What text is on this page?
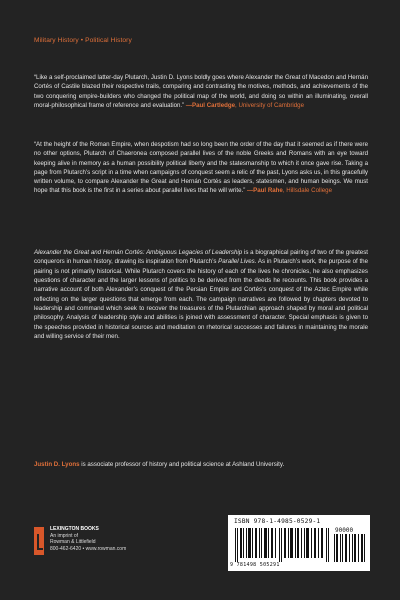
Military History • Political History
“Like a self-proclaimed latter-day Plutarch, Justin D. Lyons boldly goes where Alexander the Great of Macedon and Hernán Cortés of Castile blazed their respective trails, comparing and contrasting the motives, methods, and achievements of the two conquering empire-builders who changed the political map of the world, and doing so within an illuminating, overall moral-philosophical frame of reference and evaluation.” —Paul Cartledge, University of Cambridge
“At the height of the Roman Empire, when despotism had so long been the order of the day that it seemed as if there were no other options, Plutarch of Chaeronea composed parallel lives of the noble Greeks and Romans with an eye toward keeping alive in memory as a human possibility political liberty and the statesmanship to which it once gave rise. Taking a page from Plutarch’s script in a time when campaigns of conquest seem a relic of the past, Lyons asks us, in this gracefully written volume, to compare Alexander the Great and Hernán Cortés as leaders, statesmen, and human beings. We must hope that this book is the first in a series about parallel lives that he will write.” —Paul Rahe, Hillsdale College
Alexander the Great and Hernán Cortés: Ambiguous Legacies of Leadership is a biographical pairing of two of the greatest conquerors in human history, drawing its inspiration from Plutarch’s Parallel Lives. As in Plutarch’s work, the purpose of the pairing is not primarily historical. While Plutarch covers the history of each of the lives he chronicles, he also emphasizes questions of character and the larger lessons of politics to be derived from the deeds he recounts. This book provides a narrative account of both Alexander’s conquest of the Persian Empire and Cortés’s conquest of the Aztec Empire while reflecting on the larger questions that emerge from each. The campaign narratives are followed by chapters devoted to leadership and command which seek to recover the treasures of the Plutarchian approach shaped by moral and political philosophy. Analysis of leadership style and abilities is joined with assessment of character. Special emphasis is given to the speeches provided in historical sources and meditation on rhetorical successes and failures in maintaining the morale and willing service of their men.
Justin D. Lyons is associate professor of history and political science at Ashland University.
LEXINGTON BOOKS
An imprint of
Rowman & Littlefield
800-462-6420 • www.rowman.com
ISBN 978-1-4985-0529-1
90000
9 781498 505291
